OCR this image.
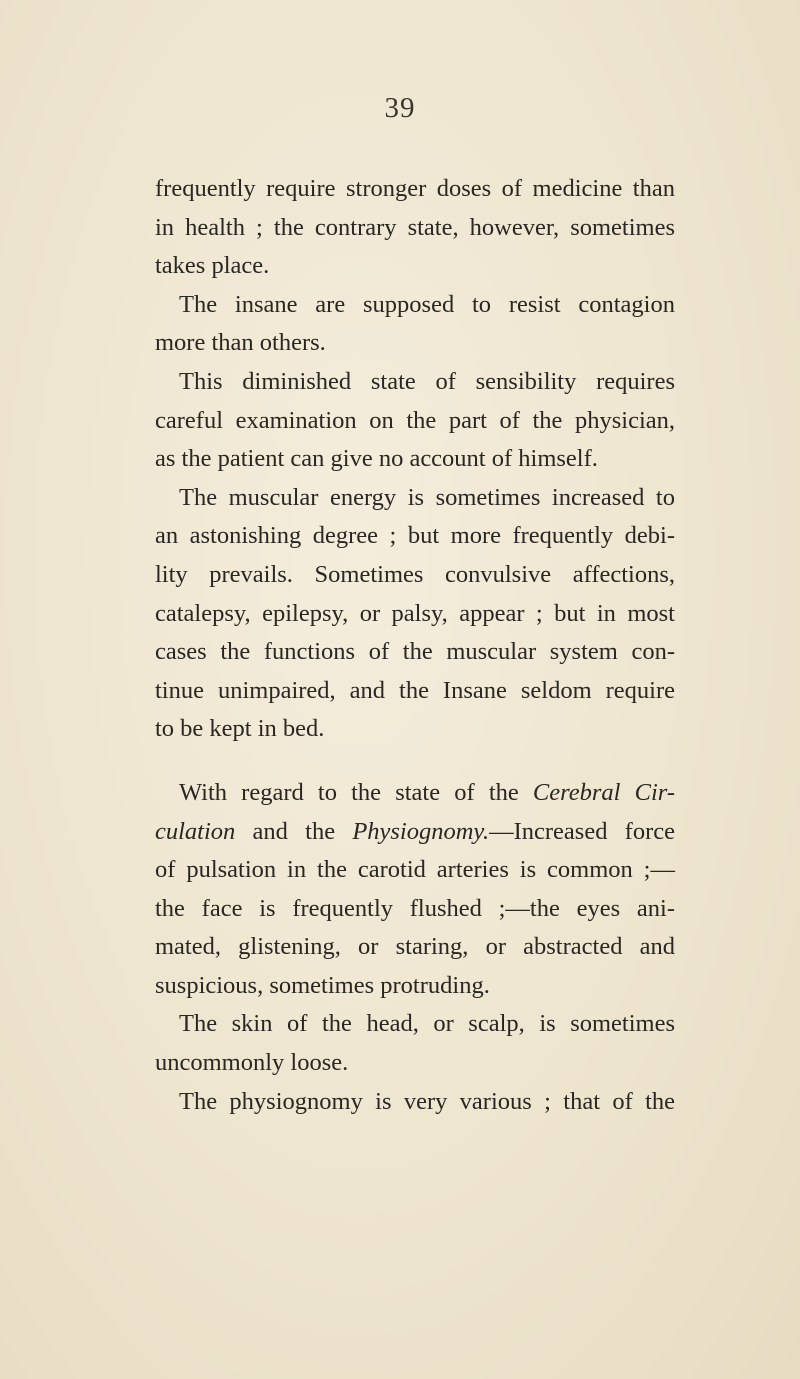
39
frequently require stronger doses of medicine than
in health ; the contrary state, however, sometimes
takes place.
The insane are supposed to resist contagion
more than others.
This diminished state of sensibility requires
careful examination on the part of the physician,
as the patient can give no account of himself.
The muscular energy is sometimes increased to
an astonishing degree ; but more frequently debi-
lity prevails. Sometimes convulsive affections,
catalepsy, epilepsy, or palsy, appear ; but in most
cases the functions of the muscular system con-
tinue unimpaired, and the Insane seldom require
to be kept in bed.
With regard to the state of the Cerebral Cir-
culation and the Physiognomy.—Increased force
of pulsation in the carotid arteries is common ;—
the face is frequently flushed ;—the eyes ani-
mated, glistening, or staring, or abstracted and
suspicious, sometimes protruding.
The skin of the head, or scalp, is sometimes
uncommonly loose.
The physiognomy is very various ; that of the
